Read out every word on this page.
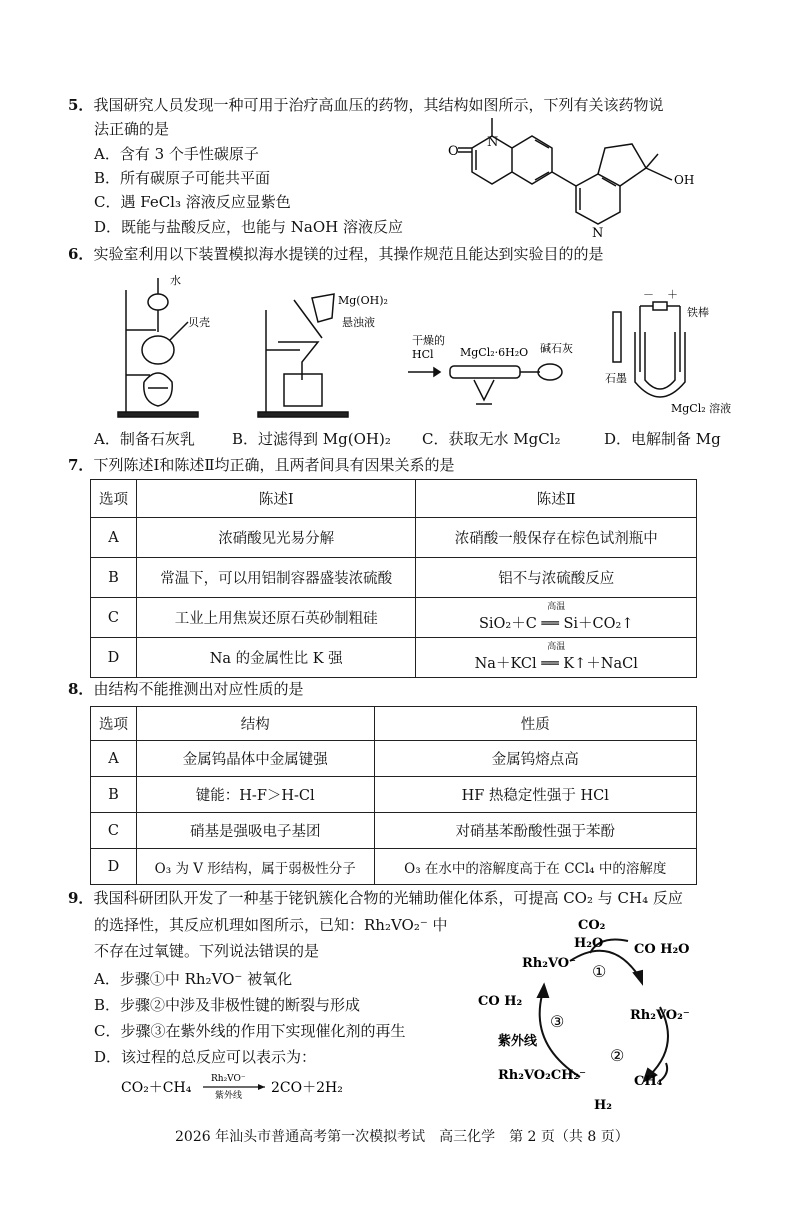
5．我国研究人员发现一种可用于治疗高血压的药物，其结构如图所示，下列有关该药物说
法正确的是
A．含有 3 个手性碳原子
B．所有碳原子可能共平面
C．遇 FeCl₃ 溶液反应显紫色
D．既能与盐酸反应，也能与 NaOH 溶液反应
O
N
N
OH
6．实验室利用以下装置模拟海水提镁的过程，其操作规范且能达到实验目的的是
水
贝壳
Mg(OH)₂
悬浊液
干燥的
HCl MgCl₂·6H₂O 碱石灰
－ ＋
铁棒
石墨
MgCl₂ 溶液
A．制备石灰乳 B．过滤得到 Mg(OH)₂ C．获取无水 MgCl₂	D．电解制备 Mg
7．下列陈述Ⅰ和陈述Ⅱ均正确，且两者间具有因果关系的是
选项	陈述Ⅰ	陈述Ⅱ
A	浓硝酸见光易分解	浓硝酸一般保存在棕色试剂瓶中
B	常温下，可以用铝制容器盛装浓硫酸	铝不与浓硫酸反应
C	工业上用焦炭还原石英砂制粗硅	高温
SiO₂＋C ══ Si＋CO₂↑
D	Na 的金属性比 K 强	高温
Na＋KCl ══ K↑＋NaCl
8．由结构不能推测出对应性质的是
选项	结构	性质
A	金属钨晶体中金属键强	金属钨熔点高
B	键能：H-F＞H-Cl	HF 热稳定性强于 HCl
C	硝基是强吸电子基团	对硝基苯酚酸性强于苯酚
D	O₃ 为 V 形结构，属于弱极性分子	O₃ 在水中的溶解度高于在 CCl₄ 中的溶解度
9．我国科研团队开发了一种基于铑钒簇化合物的光辅助催化体系，可提高 CO₂ 与 CH₄ 反应
的选择性，其反应机理如图所示，已知：Rh₂VO₂⁻ 中
不存在过氧键。下列说法错误的是
A．步骤①中 Rh₂VO⁻ 被氧化
B．步骤②中涉及非极性键的断裂与形成
C．步骤③在紫外线的作用下实现催化剂的再生
D．该过程的总反应可以表示为：
CO₂＋CH₄
Rh₂VO⁻
紫外线 2CO＋2H₂
CO₂
H₂O CO H₂O
Rh₂VO⁻ ①
Rh₂VO₂⁻
CO H₂
③
紫外线
②
Rh₂VO₂CH₂⁻	CH₄
H₂
2026 年汕头市普通高考第一次模拟考试　高三化学　第 2 页（共 8 页）
